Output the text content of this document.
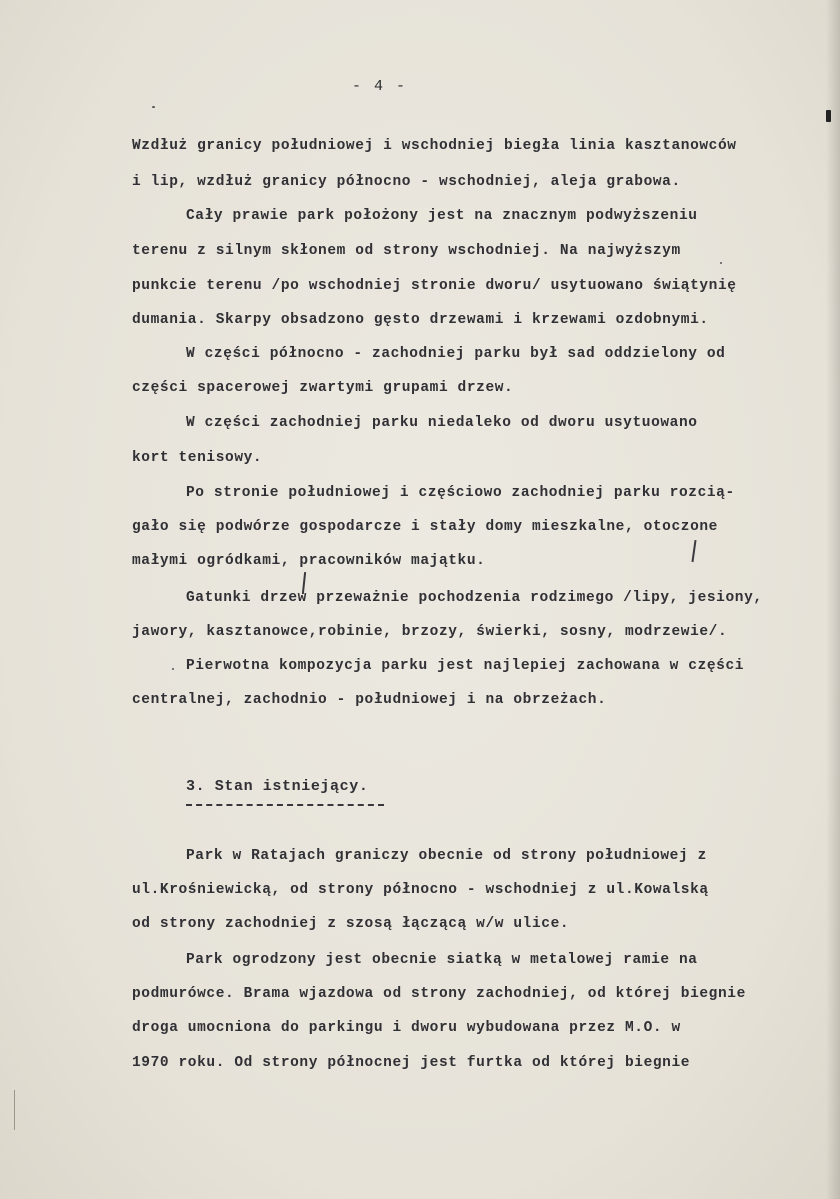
- 4 -
Wzdłuż granicy południowej i wschodniej biegła linia kasztanowców
i lip, wzdłuż granicy północno - wschodniej, aleja grabowa.
Cały prawie park położony jest na znacznym podwyższeniu
terenu z silnym skłonem od strony wschodniej. Na najwyższym
punkcie terenu /po wschodniej stronie dworu/ usytuowano świątynię
dumania. Skarpy obsadzono gęsto drzewami i krzewami ozdobnymi.
W części północno - zachodniej parku był sad oddzielony od
części spacerowej zwartymi grupami drzew.
W części zachodniej parku niedaleko od dworu usytuowano
kort tenisowy.
Po stronie południowej i częściowo zachodniej parku rozcią-
gało się podwórze gospodarcze i stały domy mieszkalne, otoczone
małymi ogródkami, pracowników majątku.
Gatunki drzew przeważnie pochodzenia rodzimego /lipy, jesiony,
jawory, kasztanowce,robinie, brzozy, świerki, sosny, modrzewie/.
Pierwotna kompozycja parku jest najlepiej zachowana w części
centralnej, zachodnio - południowej i na obrzeżach.
3. Stan istniejący.
Park w Ratajach graniczy obecnie od strony południowej z
ul.Krośniewicką, od strony północno - wschodniej z ul.Kowalską
od strony zachodniej z szosą łączącą w/w ulice.
Park ogrodzony jest obecnie siatką w metalowej ramie na
podmurówce. Brama wjazdowa od strony zachodniej, od której biegnie
droga umocniona do parkingu i dworu wybudowana przez M.O. w
1970 roku. Od strony północnej jest furtka od której biegnie
